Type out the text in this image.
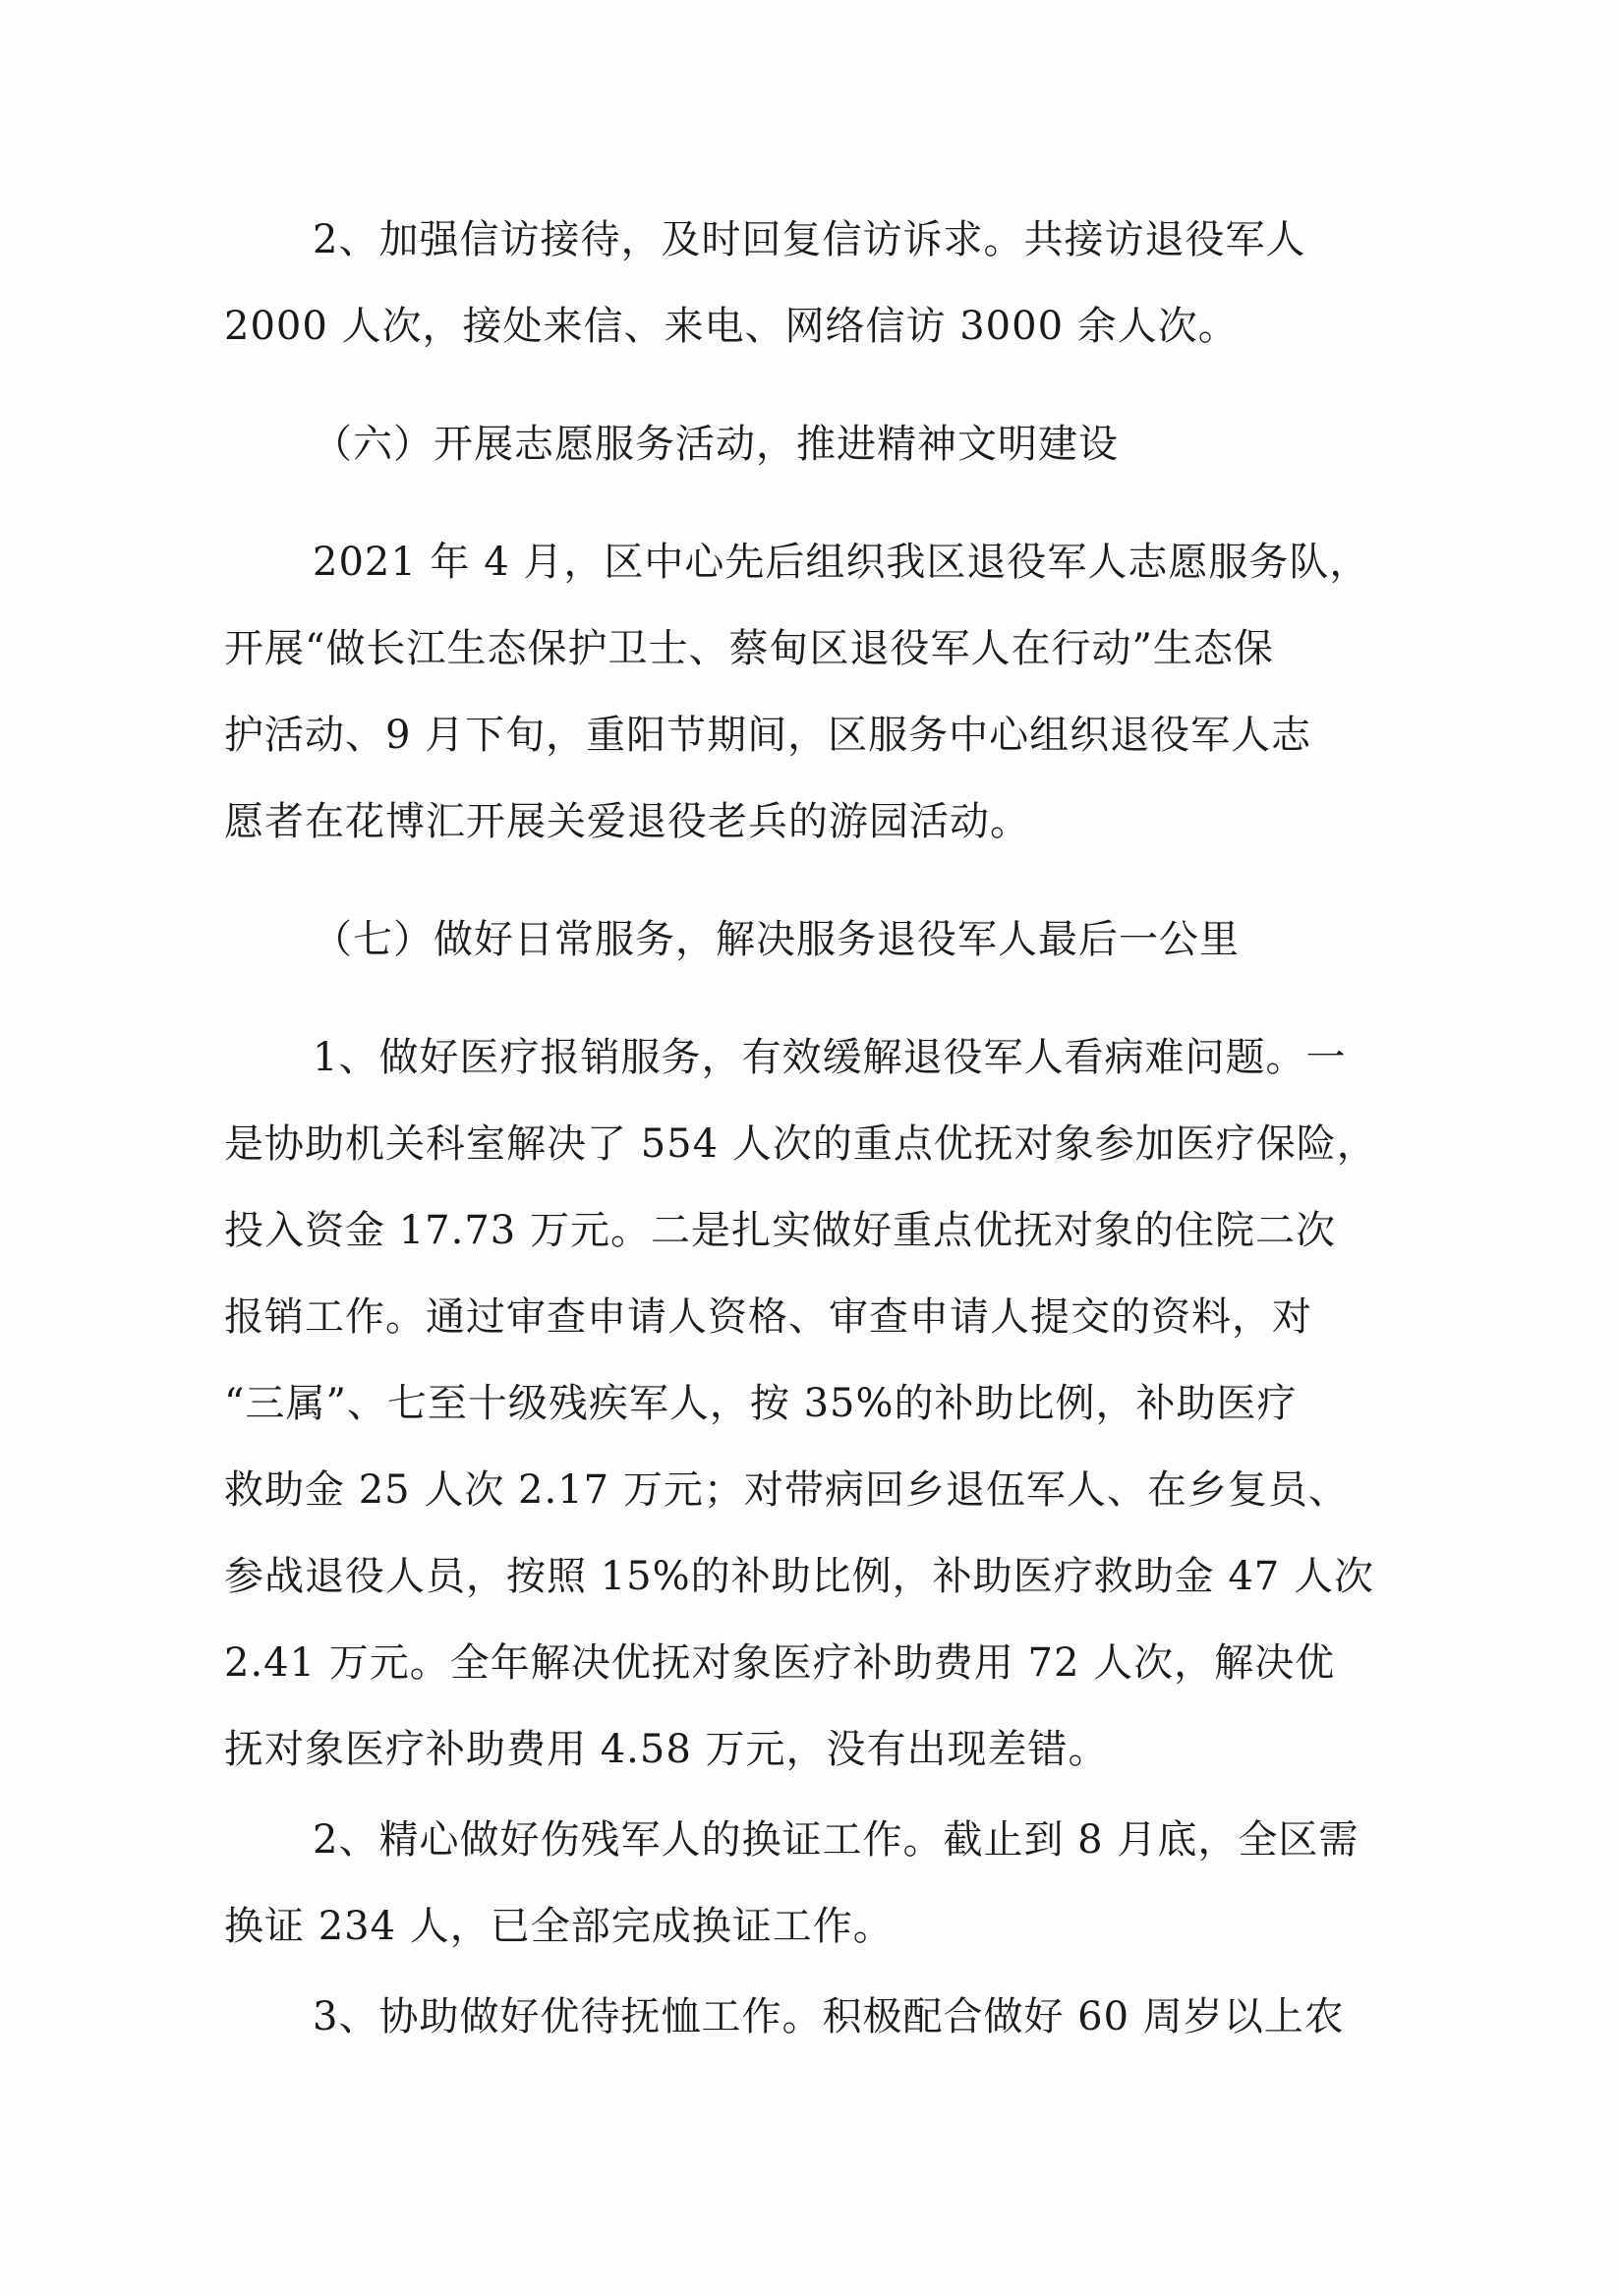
2、加强信访接待，及时回复信访诉求。共接访退役军人
2000 人次，接处来信、来电、网络信访 3000 余人次。
（六）开展志愿服务活动，推进精神文明建设
2021 年 4 月，区中心先后组织我区退役军人志愿服务队，
开展“做长江生态保护卫士、蔡甸区退役军人在行动”生态保
护活动、9 月下旬，重阳节期间，区服务中心组织退役军人志
愿者在花博汇开展关爱退役老兵的游园活动。
（七）做好日常服务，解决服务退役军人最后一公里
1、做好医疗报销服务，有效缓解退役军人看病难问题。一
是协助机关科室解决了 554 人次的重点优抚对象参加医疗保险，
投入资金 17.73 万元。二是扎实做好重点优抚对象的住院二次
报销工作。通过审查申请人资格、审查申请人提交的资料，对
“三属”、七至十级残疾军人，按 35%的补助比例，补助医疗
救助金 25 人次 2.17 万元；对带病回乡退伍军人、在乡复员、
参战退役人员，按照 15%的补助比例，补助医疗救助金 47 人次
2.41 万元。全年解决优抚对象医疗补助费用 72 人次，解决优
抚对象医疗补助费用 4.58 万元，没有出现差错。
2、精心做好伤残军人的换证工作。截止到 8 月底，全区需
换证 234 人，已全部完成换证工作。
3、协助做好优待抚恤工作。积极配合做好 60 周岁以上农
